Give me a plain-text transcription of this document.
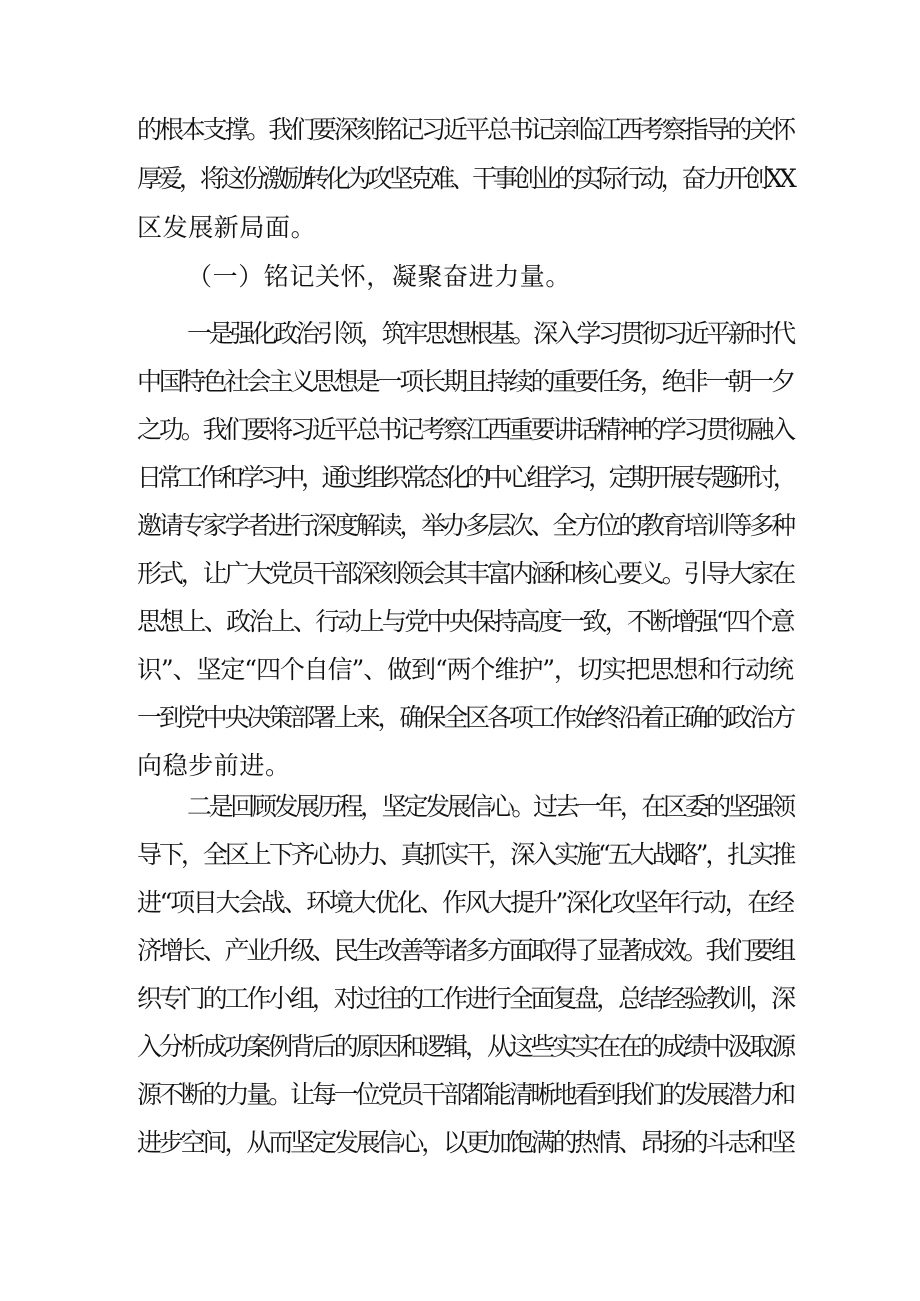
的根本支撑。我们要深刻铭记习近平总书记亲临江西考察指导的关怀
厚爱，将这份激励转化为攻坚克难、干事创业的实际行动，奋力开创XX
区发展新局面。
（一）铭记关怀，凝聚奋进力量。
一是强化政治引领，筑牢思想根基。深入学习贯彻习近平新时代
中国特色社会主义思想是一项长期且持续的重要任务，绝非一朝一夕
之功。我们要将习近平总书记考察江西重要讲话精神的学习贯彻融入
日常工作和学习中，通过组织常态化的中心组学习，定期开展专题研讨，
邀请专家学者进行深度解读，举办多层次、全方位的教育培训等多种
形式，让广大党员干部深刻领会其丰富内涵和核心要义。引导大家在
思想上、政治上、行动上与党中央保持高度一致，不断增强“四个意
识”、坚定“四个自信”、做到“两个维护”，切实把思想和行动统
一到党中央决策部署上来，确保全区各项工作始终沿着正确的政治方
向稳步前进。
二是回顾发展历程，坚定发展信心。过去一年，在区委的坚强领
导下，全区上下齐心协力、真抓实干，深入实施“五大战略”，扎实推
进“项目大会战、环境大优化、作风大提升”深化攻坚年行动，在经
济增长、产业升级、民生改善等诸多方面取得了显著成效。我们要组
织专门的工作小组，对过往的工作进行全面复盘，总结经验教训，深
入分析成功案例背后的原因和逻辑，从这些实实在在的成绩中汲取源
源不断的力量。让每一位党员干部都能清晰地看到我们的发展潜力和
进步空间，从而坚定发展信心，以更加饱满的热情、昂扬的斗志和坚
